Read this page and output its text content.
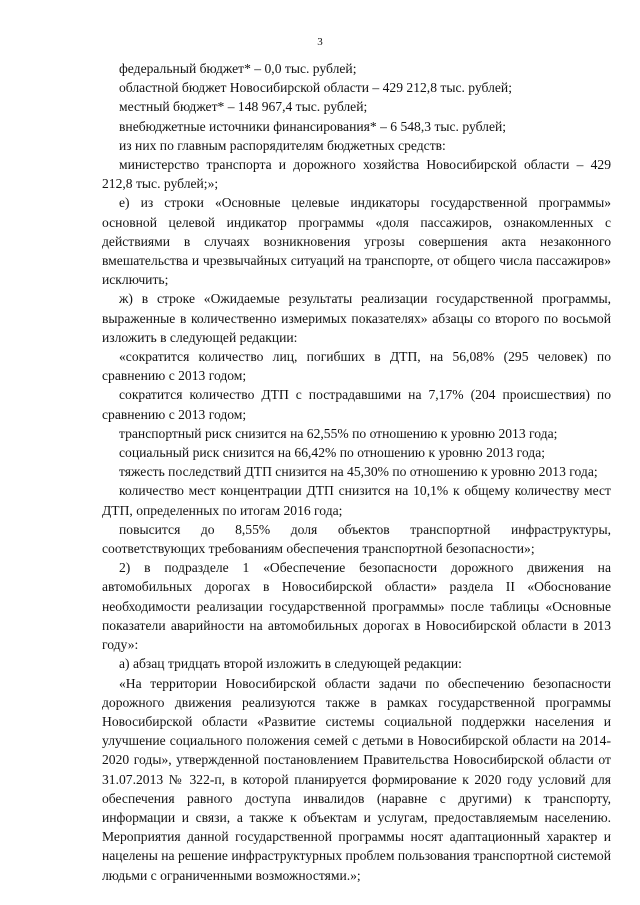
3

федеральный бюджет* – 0,0 тыс. рублей;

областной бюджет Новосибирской области – 429 212,8 тыс. рублей;

местный бюджет* – 148 967,4 тыс. рублей;

внебюджетные источники финансирования* – 6 548,3 тыс. рублей;

из них по главным распорядителям бюджетных средств:

министерство транспорта и дорожного хозяйства Новосибирской области – 429 212,8 тыс. рублей;»;

е) из строки «Основные целевые индикаторы государственной программы» основной целевой индикатор программы «доля пассажиров, ознакомленных с действиями в случаях возникновения угрозы совершения акта незаконного вмешательства и чрезвычайных ситуаций на транспорте, от общего числа пассажиров» исключить;

ж) в строке «Ожидаемые результаты реализации государственной программы, выраженные в количественно измеримых показателях» абзацы со второго по восьмой изложить в следующей редакции:

«сократится количество лиц, погибших в ДТП, на 56,08% (295 человек) по сравнению с 2013 годом;

сократится количество ДТП с пострадавшими на 7,17% (204 происшествия) по сравнению с 2013 годом;

транспортный риск снизится на 62,55% по отношению к уровню 2013 года;

социальный риск снизится на 66,42% по отношению к уровню 2013 года;

тяжесть последствий ДТП снизится на 45,30% по отношению к уровню 2013 года;

количество мест концентрации ДТП снизится на 10,1% к общему количеству мест ДТП, определенных по итогам 2016 года;

повысится до 8,55% доля объектов транспортной инфраструктуры, соответствующих требованиям обеспечения транспортной безопасности»;

2) в подразделе 1 «Обеспечение безопасности дорожного движения на автомобильных дорогах в Новосибирской области» раздела II «Обоснование необходимости реализации государственной программы» после таблицы «Основные показатели аварийности на автомобильных дорогах в Новосибирской области в 2013 году»:

а) абзац тридцать второй изложить в следующей редакции:

«На территории Новосибирской области задачи по обеспечению безопасности дорожного движения реализуются также в рамках государственной программы Новосибирской области «Развитие системы социальной поддержки населения и улучшение социального положения семей с детьми в Новосибирской области на 2014-2020 годы», утвержденной постановлением Правительства Новосибирской области от 31.07.2013 № 322-п, в которой планируется формирование к 2020 году условий для обеспечения равного доступа инвалидов (наравне с другими) к транспорту, информации и связи, а также к объектам и услугам, предоставляемым населению. Мероприятия данной государственной программы носят адаптационный характер и нацелены на решение инфраструктурных проблем пользования транспортной системой людьми с ограниченными возможностями.»;
